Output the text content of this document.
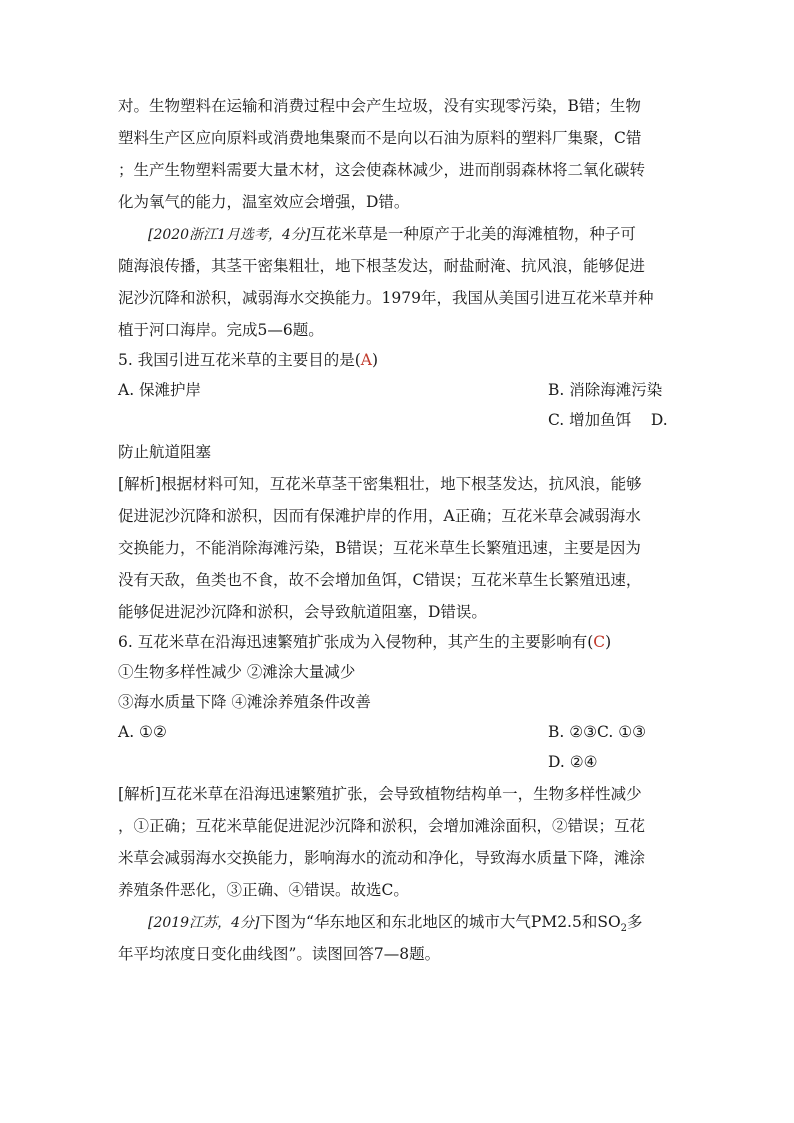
对。生物塑料在运输和消费过程中会产生垃圾，没有实现零污染，B错；生物
塑料生产区应向原料或消费地集聚而不是向以石油为原料的塑料厂集聚，C错
；生产生物塑料需要大量木材，这会使森林减少，进而削弱森林将二氧化碳转
化为氧气的能力，温室效应会增强，D错。
[2020浙江1月选考，4分]互花米草是一种原产于北美的海滩植物，种子可
随海浪传播，其茎干密集粗壮，地下根茎发达，耐盐耐淹、抗风浪，能够促进
泥沙沉降和淤积，减弱海水交换能力。1979年，我国从美国引进互花米草并种
植于河口海岸。完成5—6题。
5. 我国引进互花米草的主要目的是(A)
A. 保滩护岸	B. 消除海滩污染
C. 增加鱼饵 D.
防止航道阻塞
[解析]根据材料可知，互花米草茎干密集粗壮，地下根茎发达，抗风浪，能够
促进泥沙沉降和淤积，因而有保滩护岸的作用，A正确；互花米草会减弱海水
交换能力，不能消除海滩污染，B错误；互花米草生长繁殖迅速，主要是因为
没有天敌，鱼类也不食，故不会增加鱼饵，C错误；互花米草生长繁殖迅速，
能够促进泥沙沉降和淤积，会导致航道阻塞，D错误。
6. 互花米草在沿海迅速繁殖扩张成为入侵物种，其产生的主要影响有(C)
①生物多样性减少 ②滩涂大量减少
③海水质量下降 ④滩涂养殖条件改善
A. ①②	B. ②③C. ①③
D. ②④
[解析]互花米草在沿海迅速繁殖扩张，会导致植物结构单一，生物多样性减少
，①正确；互花米草能促进泥沙沉降和淤积，会增加滩涂面积，②错误；互花
米草会减弱海水交换能力，影响海水的流动和净化，导致海水质量下降，滩涂
养殖条件恶化，③正确、④错误。故选C。
[2019江苏，4分]下图为“华东地区和东北地区的城市大气PM2.5和$SO_2$多
年平均浓度日变化曲线图”。读图回答7—8题。
